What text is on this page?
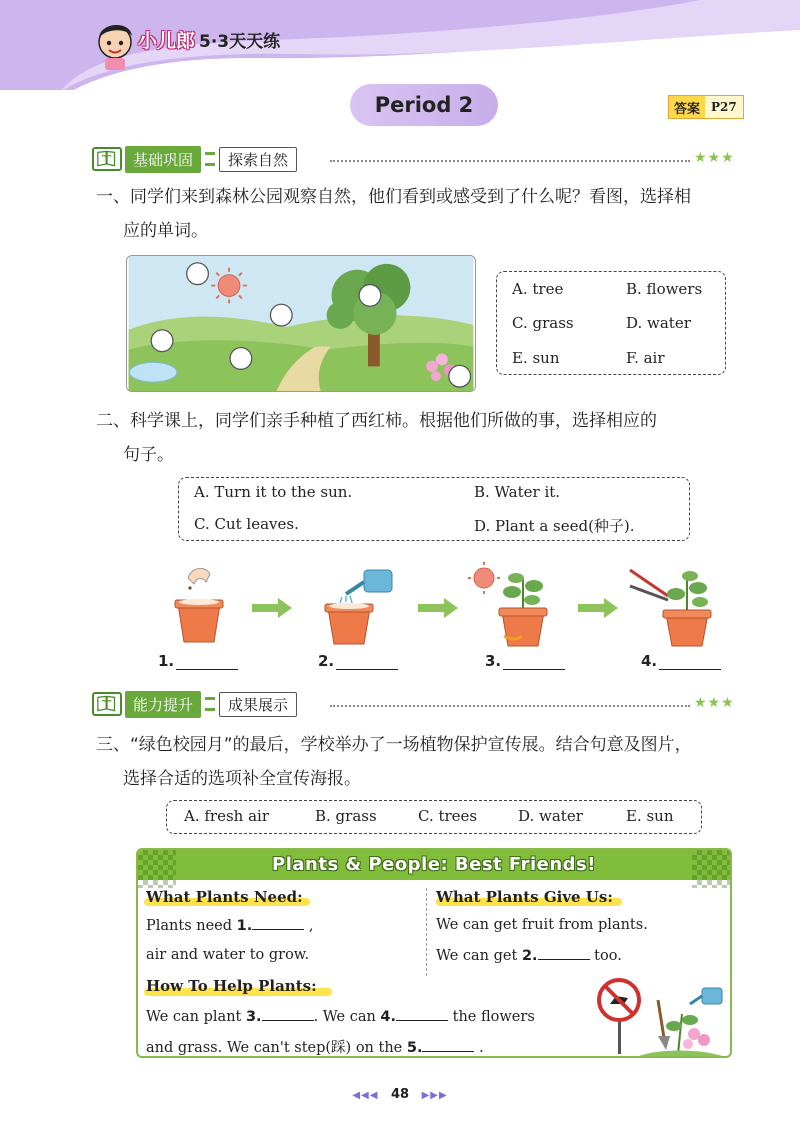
小儿郎 5·3天天练
Period 2	答案 P27
基础巩固	探索自然	★★★
一、同学们来到森林公园观察自然，他们看到或感受到了什么呢？看图，选择相
应的单词。
A. tree	B. flowers
C. grass	D. water
E. sun	F. air
二、科学课上，同学们亲手种植了西红柿。根据他们所做的事，选择相应的
句子。
A. Turn it to the sun.	B. Water it.
C. Cut leaves.	D. Plant a seed(种子).
1.	2.	3.	4.
能力提升	成果展示	★★★
三、“绿色校园月”的最后，学校举办了一场植物保护宣传展。结合句意及图片，
选择合适的选项补全宣传海报。
A. fresh air	B. grass	C. trees	D. water	E. sun
Plants & People: Best Friends!
What Plants Need:
Plants need 1.	,
air and water to grow.
What Plants Give Us:
We can get fruit from plants.
We can get 2.	too.
How To Help Plants:
We can plant 3.	. We can 4.	the flowers
and grass. We can't step(踩) on the 5.	.
◀◀◀ 48 ▶▶▶
